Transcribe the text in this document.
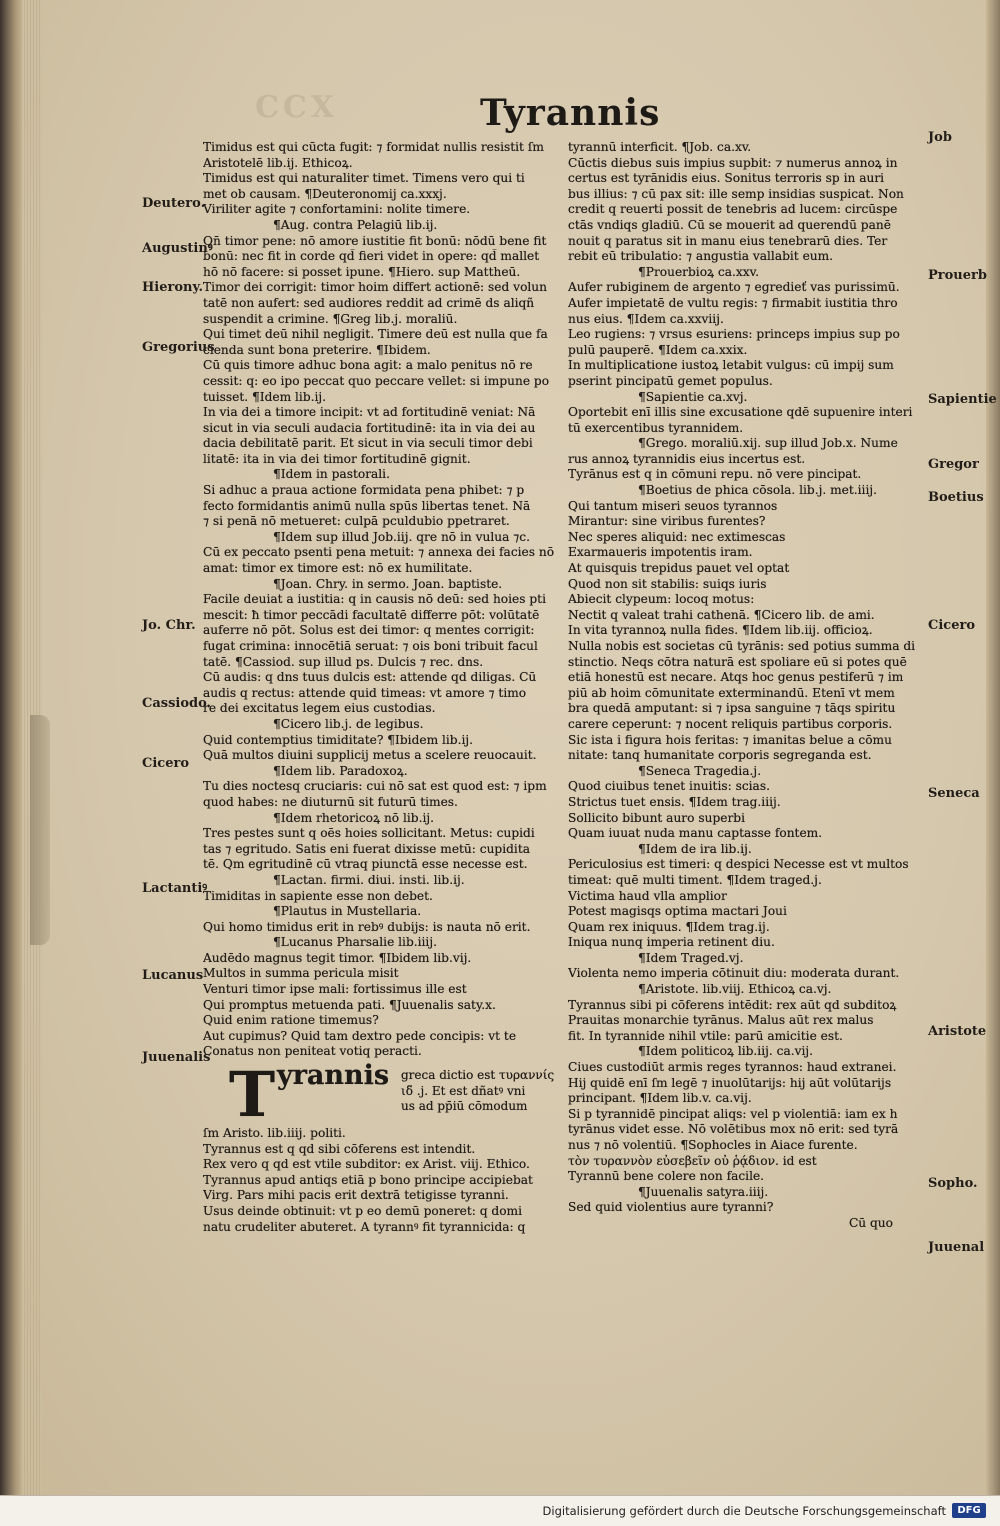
CCX	Tyrannis
Timidus est qui cūcta fugit: ⁊ formidat nullis resistit ſm
Aristotelē lib.ij. Ethicoꝝ.
Timidus est qui naturaliter timet. Timens vero qui ti
met ob causam. ¶Deuteronomij ca.xxxj.
Viriliter agite ⁊ confortamini: nolite timere.
¶Aug. contra Pelagiū lib.ij.
Qn̄ timor pene: nō amore iustitie fit bonū: nōdū bene fit
bonū: nec fit in corde qd̄ fieri videt in opere: qd̄ mallet
hō nō facere: si posset ipune. ¶Hiero. sup Mattheū.
Timor dei corrigit: timor hoim differt actionē: sed volun
tatē non aufert: sed audiores reddit ad crimē ds aliqñ
suspendit a crimine. ¶Greg lib.j. moraliū.
Qui timet deū nihil negligit. Timere deū est nulla que fa
cienda sunt bona preterire. ¶Ibidem.
Cū quis timore adhuc bona agit: a malo penitus nō re
cessit: q: eo ipo peccat quo peccare vellet: si impune po
tuisset. ¶Idem lib.ij.
In via dei a timore incipit: vt ad fortitudinē veniat: Nā
sicut in via seculi audacia fortitudinē: ita in via dei au
dacia debilitatē parit. Et sicut in via seculi timor debi
litatē: ita in via dei timor fortitudinē gignit.
¶Idem in pastorali.
Si adhuc a praua actione formidata pena phibet: ⁊ p
fecto formidantis animū nulla spūs libertas tenet. Nā
⁊ si penā nō metueret: culpā pculdubio ppetraret.
¶Idem sup illud Job.iij. qre nō in vulua ⁊c.
Cū ex peccato psenti pena metuit: ⁊ annexa dei facies nō
amat: timor ex timore est: nō ex humilitate.
¶Joan. Chry. in sermo. Joan. baptiste.
Facile deuiat a iustitia: q in causis nō deū: sed hoies pti
mescit: ħ timor peccādi facultatē differre pōt: volūtatē
auferre nō pōt. Solus est dei timor: q mentes corrigit:
fugat crimina: innocētiā seruat: ⁊ ois boni tribuit facul
tatē. ¶Cassiod. sup illud ps. Dulcis ⁊ rec. dns.
Cū audis: q dns tuus dulcis est: attende qd diligas. Cū
audis q rectus: attende quid timeas: vt amore ⁊ timo
re dei excitatus legem eius custodias.
¶Cicero lib.j. de legibus.
Quid contemptius timiditate? ¶Ibidem lib.ij.
Quā multos diuini supplicij metus a scelere reuocauit.
¶Idem lib. Paradoxoꝝ.
Tu dies noctesq cruciaris: cui nō sat est quod est: ⁊ ipm
quod habes: ne diuturnū sit futurū times.
¶Idem rhetoricoꝝ nō lib.ij.
Tres pestes sunt q oēs hoies sollicitant. Metus: cupidi
tas ⁊ egritudo. Satis eni fuerat dixisse metū: cupidita
tē. Qm egritudinē cū vtraq piunctā esse necesse est.
¶Lactan. firmi. diui. insti. lib.ij.
Timiditas in sapiente esse non debet.
¶Plautus in Mustellaria.
Qui homo timidus erit in rebꝰ dubijs: is nauta nō erit.
¶Lucanus Pharsalie lib.iiij.
Audēdo magnus tegit timor. ¶Ibidem lib.vij.
Multos in summa pericula misit
Venturi timor ipse mali: fortissimus ille est
Qui promptus metuenda pati. ¶Juuenalis saty.x.
Quid enim ratione timemus?
Aut cupimus? Quid tam dextro pede concipis: vt te
Conatus non peniteat votiq peracti.
T yrannis greca dictio est τυραννίς
ιδ̃ .j. Et est dñatꝰ vni
us ad pp̄iū cōmodum
ſm Aristo. lib.iiij. politi.
Tyrannus est q qd sibi cōferens est intendit.
Rex vero q qd est vtile subditor: ex Arist. viij. Ethico.
Tyrannus apud antiqs etiā p bono principe accipiebat
Virg. Pars mihi pacis erit dextrā tetigisse tyranni.
Usus deinde obtinuit: vt p eo demū poneret: q domi
natu crudeliter abuteret. A tyrannꝰ fit tyrannicida: q
tyrannū interficit. ¶Job. ca.xv.
Cūctis diebus suis impius supbit: ⁊ numerus annoꝝ in
certus est tyrānidis eius. Sonitus terroris sp in auri
bus illius: ⁊ cū pax sit: ille semp insidias suspicat. Non
credit q reuerti possit de tenebris ad lucem: circūspe
ctās vndiqs gladiū. Cū se mouerit ad querendū panē
nouit q paratus sit in manu eius tenebrarū dies. Ter
rebit eū tribulatio: ⁊ angustia vallabit eum.
¶Prouerbioꝝ ca.xxv.
Aufer rubiginem de argento ⁊ egredieť vas purissimū.
Aufer impietatē de vultu regis: ⁊ firmabit iustitia thro
nus eius. ¶Idem ca.xxviij.
Leo rugiens: ⁊ vrsus esuriens: princeps impius sup po
pulū pauperē. ¶Idem ca.xxix.
In multiplicatione iustoꝝ letabit vulgus: cū impij sum
pserint pincipatū gemet populus.
¶Sapientie ca.xvj.
Oportebit enī illis sine excusatione qdē supuenire interi
tū exercentibus tyrannidem.
¶Grego. moraliū.xij. sup illud Job.x. Nume
rus annoꝝ tyrannidis eius incertus est.
Tyrānus est q in cōmuni repu. nō vere pincipat.
¶Boetius de phica cōsola. lib.j. met.iiij.
Qui tantum miseri seuos tyrannos
Mirantur: sine viribus furentes?
Nec speres aliquid: nec extimescas
Exarmaueris impotentis iram.
At quisquis trepidus pauet vel optat
Quod non sit stabilis: suiqs iuris
Abiecit clypeum: locoq motus:
Nectit q valeat trahi cathenā. ¶Cicero lib. de ami.
In vita tyrannoꝝ nulla fides. ¶Idem lib.iij. officioꝝ.
Nulla nobis est societas cū tyrānis: sed potius summa di
stinctio. Neqs cōtra naturā est spoliare eū si potes quē
etiā honestū est necare. Atqs hoc genus pestiferū ⁊ im
piū ab hoim cōmunitate exterminandū. Etenī vt mem
bra quedā amputant: si ⁊ ipsa sanguine ⁊ tāqs spiritu
carere ceperunt: ⁊ nocent reliquis partibus corporis.
Sic ista i figura hois feritas: ⁊ imanitas belue a cōmu
nitate: tanq humanitate corporis segreganda est.
¶Seneca Tragedia.j.
Quod ciuibus tenet inuitis: scias.
Strictus tuet ensis. ¶Idem trag.iiij.
Sollicito bibunt auro superbi
Quam iuuat nuda manu captasse fontem.
¶Idem de ira lib.ij.
Periculosius est timeri: q despici Necesse est vt multos
timeat: quē multi timent. ¶Idem traged.j.
Victima haud vlla amplior
Potest magisqs optima mactari Joui
Quam rex iniquus. ¶Idem trag.ij.
Iniqua nunq imperia retinent diu.
¶Idem Traged.vj.
Violenta nemo imperia cōtinuit diu: moderata durant.
¶Aristote. lib.viij. Ethicoꝝ ca.vj.
Tyrannus sibi pi cōferens intēdit: rex aūt qd subditoꝝ
Prauitas monarchie tyrānus. Malus aūt rex malus
fit. In tyrannide nihil vtile: parū amicitie est.
¶Idem politicoꝝ lib.iij. ca.vij.
Ciues custodiūt armis reges tyrannos: haud extranei.
Hij quidē enī ſm legē ⁊ inuolūtarijs: hij aūt volūtarijs
principant. ¶Idem lib.v. ca.vij.
Si p tyrannidē pincipat aliqs: vel p violentiā: iam ex h
tyrānus videt esse. Nō volētibus mox nō erit: sed tyrā
nus ⁊ nō volentiū. ¶Sophocles in Aiace furente.
τὸν τυραννὸν εὐσεβεῖν οὐ ῥᾴδιον. id est
Tyrannū bene colere non facile.
¶Juuenalis satyra.iiij.
Sed quid violentius aure tyranni?
Cū quo
Deutero.
Augustinꝰ
Hierony.
Gregorius
Jo. Chr.
Cassiodo.
Cicero
Lactantiꝰ
Lucanus
Juuenalis
Job
Prouerb
Sapientie
Gregor
Boetius
Cicero
Seneca
Aristote
Sopho.
Juuenal
Digitalisierung gefördert durch die Deutsche Forschungsgemeinschaft	DFG
